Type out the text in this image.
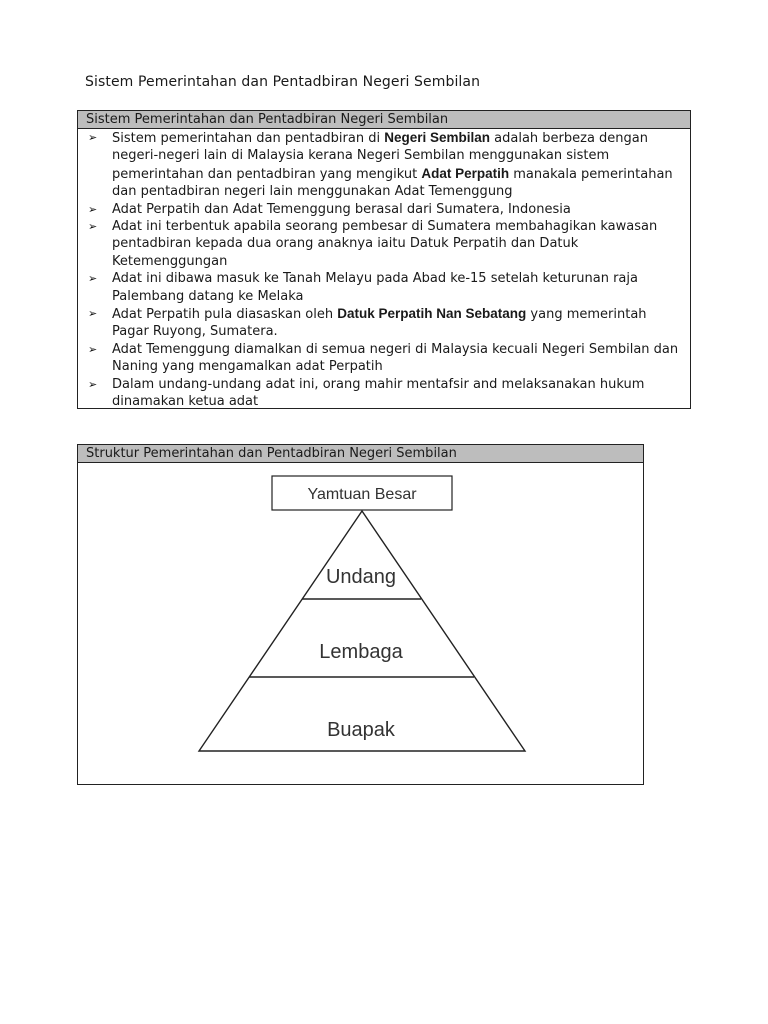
Sistem Pemerintahan dan Pentadbiran Negeri Sembilan
Sistem Pemerintahan dan Pentadbiran Negeri Sembilan
➢ Sistem pemerintahan dan pentadbiran di Negeri Sembilan adalah berbeza dengan negeri-negeri lain di Malaysia kerana Negeri Sembilan menggunakan sistem pemerintahan dan pentadbiran yang mengikut Adat Perpatih manakala pemerintahan dan pentadbiran negeri lain menggunakan Adat Temenggung
➢ Adat Perpatih dan Adat Temenggung berasal dari Sumatera, Indonesia
➢ Adat ini terbentuk apabila seorang pembesar di Sumatera membahagikan kawasan pentadbiran kepada dua orang anaknya iaitu Datuk Perpatih dan Datuk Ketemenggungan
➢ Adat ini dibawa masuk ke Tanah Melayu pada Abad ke-15 setelah keturunan raja Palembang datang ke Melaka
➢ Adat Perpatih pula diasaskan oleh Datuk Perpatih Nan Sebatang yang memerintah Pagar Ruyong, Sumatera.
➢ Adat Temenggung diamalkan di semua negeri di Malaysia kecuali Negeri Sembilan dan Naning yang mengamalkan adat Perpatih
➢ Dalam undang-undang adat ini, orang mahir mentafsir and melaksanakan hukum dinamakan ketua adat
Struktur Pemerintahan dan Pentadbiran Negeri Sembilan
Yamtuan Besar
Undang
Lembaga
Buapak
